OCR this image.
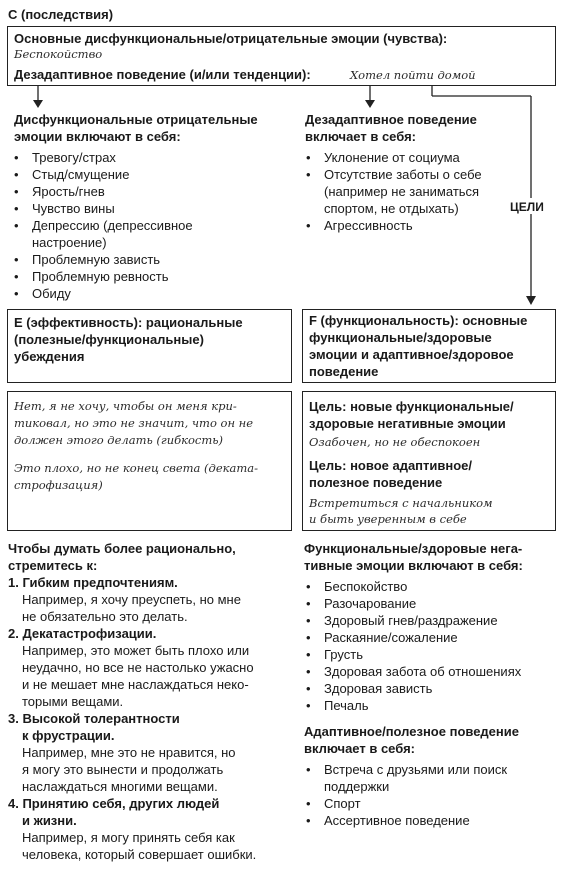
C (последствия)
Основные дисфункциональные/отрицательные эмоции (чувства):
Беспокойство
Дезадаптивное поведение (и/или тенденции):	Хотел пойти домой
Дисфункциональные отрицательные
эмоции включают в себя:
• Тревогу/страх
• Стыд/смущение
• Ярость/гнев
• Чувство вины
• Депрессию (депрессивное
настроение)
• Проблемную зависть
• Проблемную ревность
• Обиду
Дезадаптивное поведение
включает в себя:
• Уклонение от социума
• Отсутствие заботы о себе
(например не заниматься
спортом, не отдыхать)
• Агрессивность
ЦЕЛИ
E (эффективность): рациональные
(полезные/функциональные)
убеждения
F (функциональность): основные
функциональные/здоровые
эмоции и адаптивное/здоровое
поведение
Нет, я не хочу, чтобы он меня кри-
тиковал, но это не значит, что он не
должен этого делать (гибкость)
Это плохо, но не конец света (деката-
строфизация)
Цель: новые функциональные/
здоровые негативные эмоции
Озабочен, но не обеспокоен
Цель: новое адаптивное/
полезное поведение
Встретиться с начальником
и быть уверенным в себе
Чтобы думать более рационально,
стремитесь к:
1. Гибким предпочтениям.
Например, я хочу преуспеть, но мне
не обязательно это делать.
2. Декатастрофизации.
Например, это может быть плохо или
неудачно, но все не настолько ужасно
и не мешает мне наслаждаться неко-
торыми вещами.
3. Высокой толерантности
к фрустрации.
Например, мне это не нравится, но
я могу это вынести и продолжать
наслаждаться многими вещами.
4. Принятию себя, других людей
и жизни.
Например, я могу принять себя как
человека, который совершает ошибки.
Функциональные/здоровые нега-
тивные эмоции включают в себя:
• Беспокойство
• Разочарование
• Здоровый гнев/раздражение
• Раскаяние/сожаление
• Грусть
• Здоровая забота об отношениях
• Здоровая зависть
• Печаль
Адаптивное/полезное поведение
включает в себя:
• Встреча с друзьями или поиск
поддержки
• Спорт
• Ассертивное поведение
